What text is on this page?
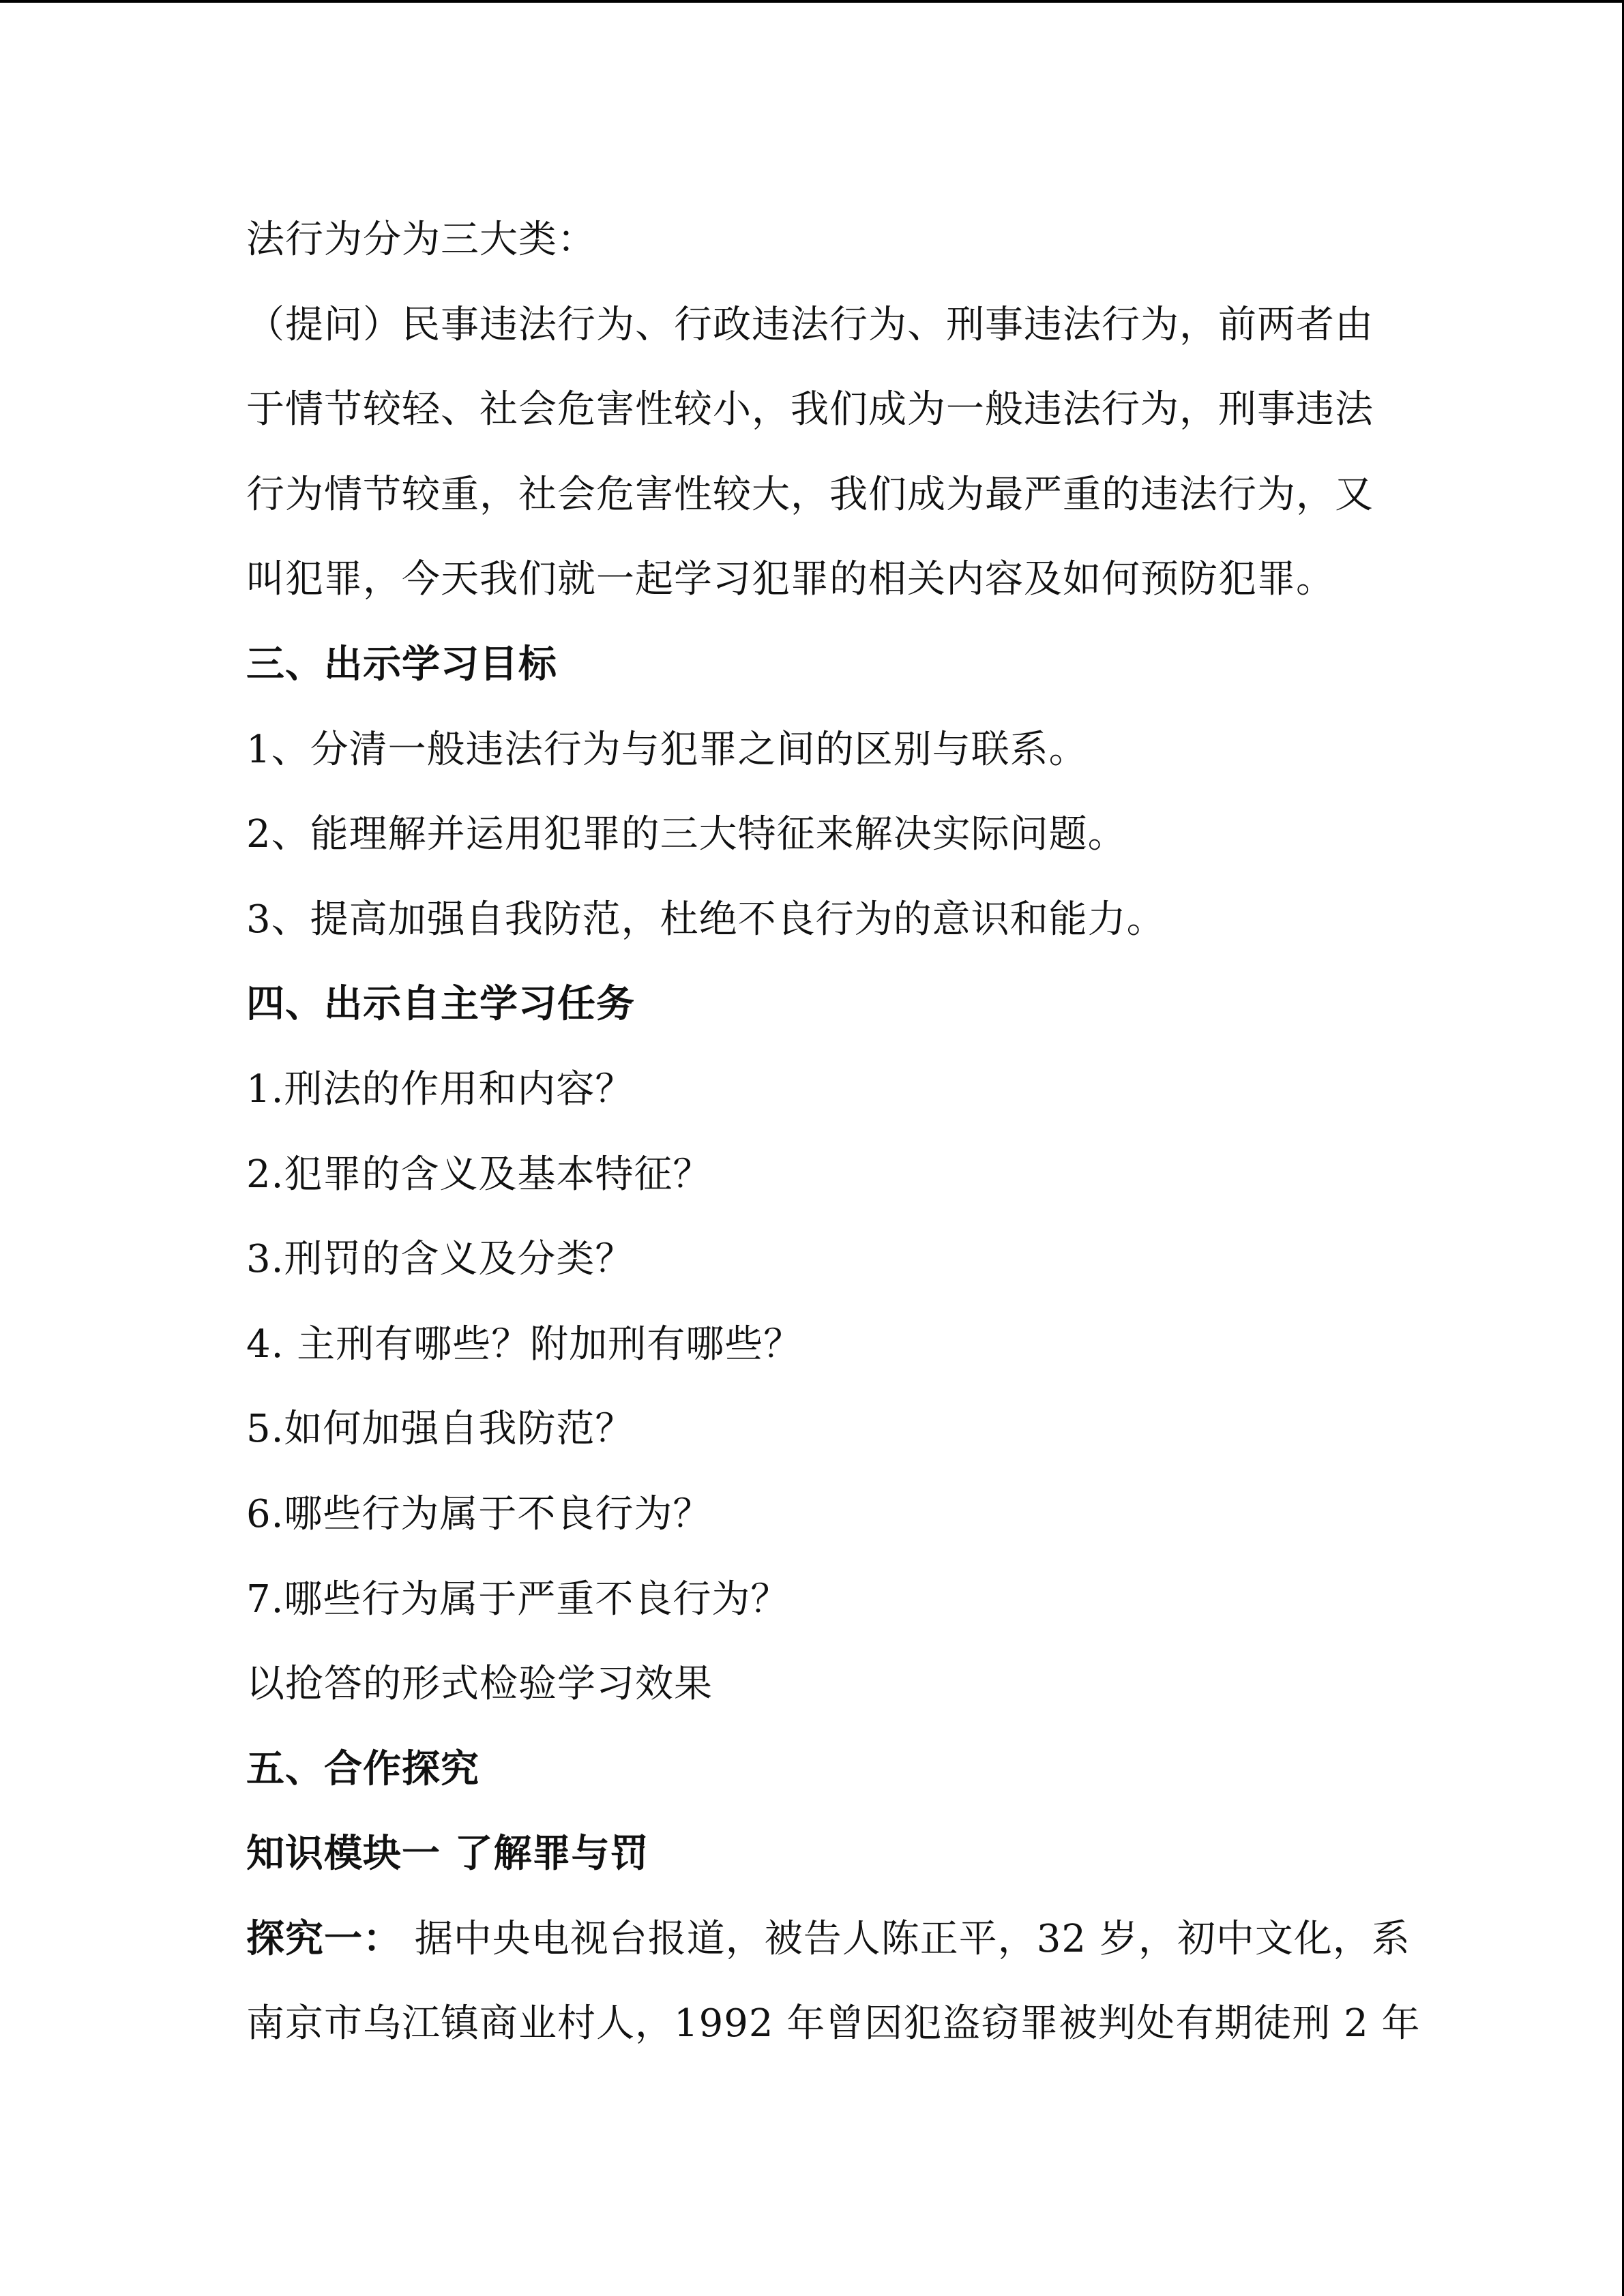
法行为分为三大类：
（提问）民事违法行为、行政违法行为、刑事违法行为，前两者由
于情节较轻、社会危害性较小，我们成为一般违法行为，刑事违法
行为情节较重，社会危害性较大，我们成为最严重的违法行为，又
叫犯罪，今天我们就一起学习犯罪的相关内容及如何预防犯罪。
三、出示学习目标
1、分清一般违法行为与犯罪之间的区别与联系。
2、能理解并运用犯罪的三大特征来解决实际问题。
3、提高加强自我防范，杜绝不良行为的意识和能力。
四、出示自主学习任务
1.刑法的作用和内容？
2.犯罪的含义及基本特征？
3.刑罚的含义及分类？
4. 主刑有哪些？附加刑有哪些？
5.如何加强自我防范？
6.哪些行为属于不良行为？
7.哪些行为属于严重不良行为？
以抢答的形式检验学习效果
五、合作探究
知识模块一 了解罪与罚
探究一： 据中央电视台报道，被告人陈正平，32 岁，初中文化，系
南京市乌江镇商业村人，1992 年曾因犯盗窃罪被判处有期徒刑 2 年
